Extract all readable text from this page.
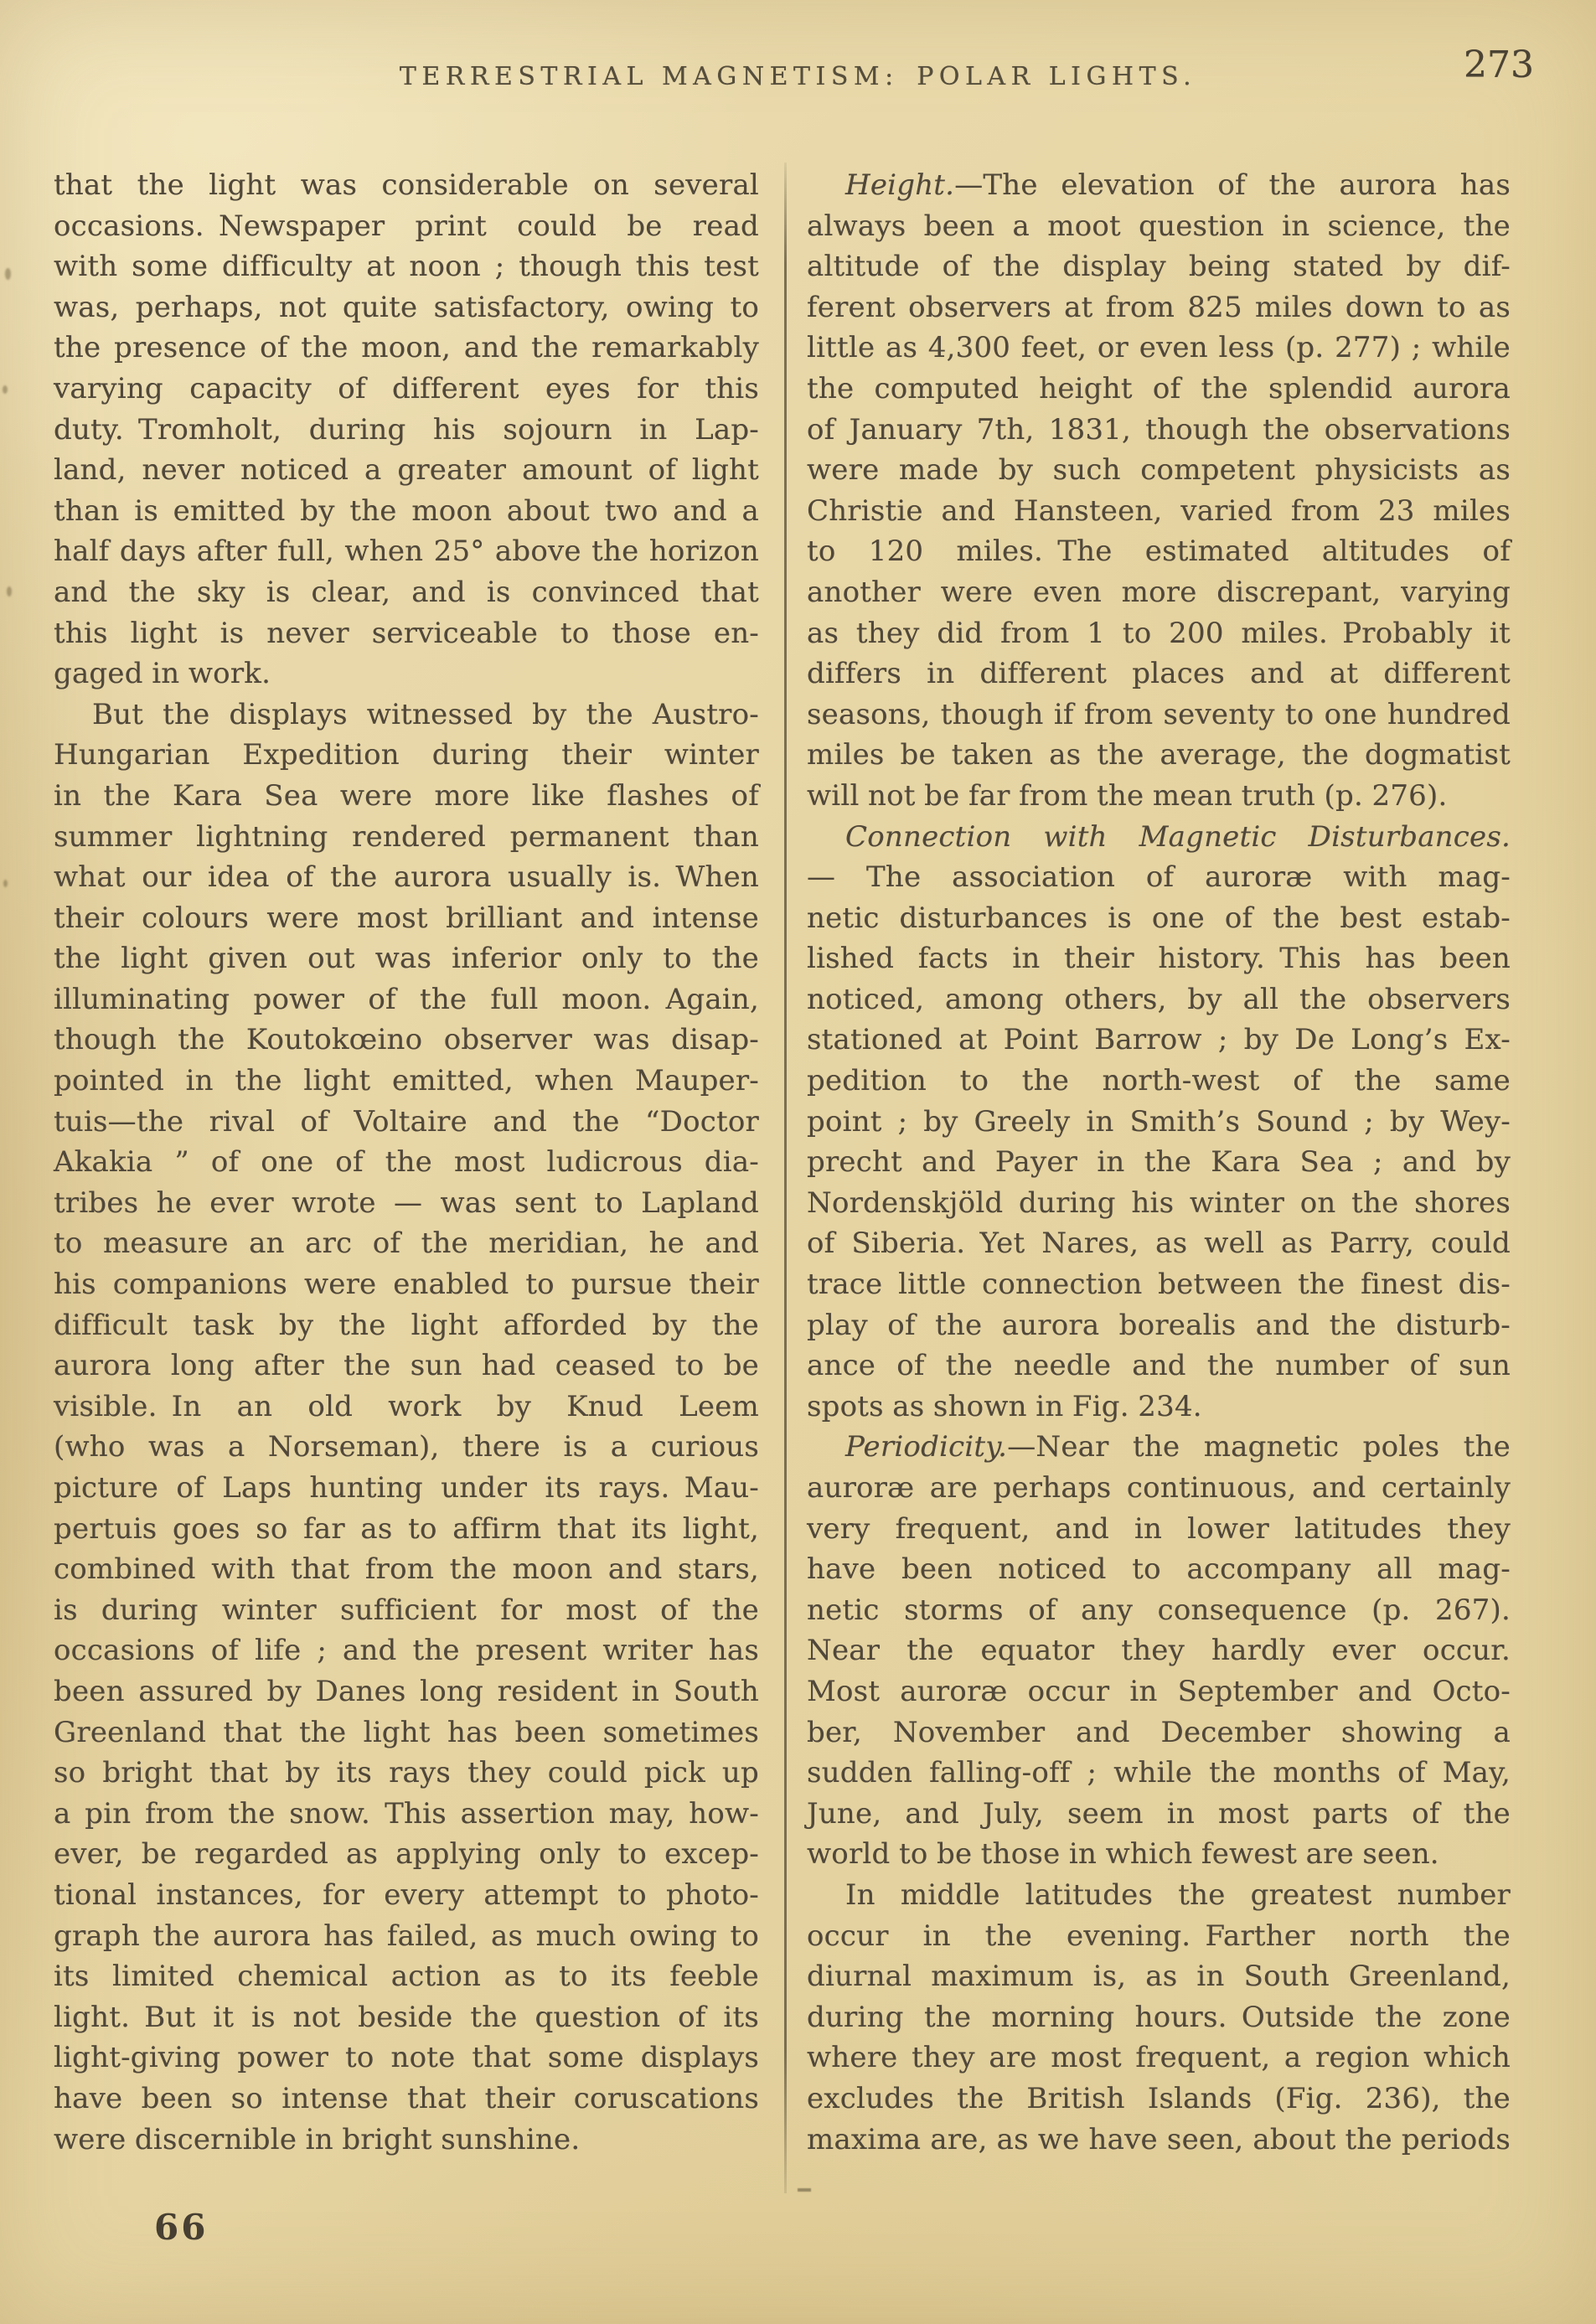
TERRESTRIAL MAGNETISM: POLAR LIGHTS.	273
that the light was considerable on several
occasions. Newspaper print could be read
with some difficulty at noon ; though this test
was, perhaps, not quite satisfactory, owing to
the presence of the moon, and the remarkably
varying capacity of different eyes for this
duty. Tromholt, during his sojourn in Lap-
land, never noticed a greater amount of light
than is emitted by the moon about two and a
half days after full, when 25° above the horizon
and the sky is clear, and is convinced that
this light is never serviceable to those en-
gaged in work.
But the displays witnessed by the Austro-
Hungarian Expedition during their winter
in the Kara Sea were more like flashes of
summer lightning rendered permanent than
what our idea of the aurora usually is. When
their colours were most brilliant and intense
the light given out was inferior only to the
illuminating power of the full moon. Again,
though the Koutokœino observer was disap-
pointed in the light emitted, when Mauper-
tuis—the rival of Voltaire and the “Doctor
Akakia ” of one of the most ludicrous dia-
tribes he ever wrote — was sent to Lapland
to measure an arc of the meridian, he and
his companions were enabled to pursue their
difficult task by the light afforded by the
aurora long after the sun had ceased to be
visible. In an old work by Knud Leem
(who was a Norseman), there is a curious
picture of Laps hunting under its rays. Mau-
pertuis goes so far as to affirm that its light,
combined with that from the moon and stars,
is during winter sufficient for most of the
occasions of life ; and the present writer has
been assured by Danes long resident in South
Greenland that the light has been sometimes
so bright that by its rays they could pick up
a pin from the snow. This assertion may, how-
ever, be regarded as applying only to excep-
tional instances, for every attempt to photo-
graph the aurora has failed, as much owing to
its limited chemical action as to its feeble
light. But it is not beside the question of its
light-giving power to note that some displays
have been so intense that their coruscations
were discernible in bright sunshine.
Height.—The elevation of the aurora has
always been a moot question in science, the
altitude of the display being stated by dif-
ferent observers at from 825 miles down to as
little as 4,300 feet, or even less (p. 277) ; while
the computed height of the splendid aurora
of January 7th, 1831, though the observations
were made by such competent physicists as
Christie and Hansteen, varied from 23 miles
to 120 miles. The estimated altitudes of
another were even more discrepant, varying
as they did from 1 to 200 miles. Probably it
differs in different places and at different
seasons, though if from seventy to one hundred
miles be taken as the average, the dogmatist
will not be far from the mean truth (p. 276).
Connection with Magnetic Disturbances.
— The association of auroræ with mag-
netic disturbances is one of the best estab-
lished facts in their history. This has been
noticed, among others, by all the observers
stationed at Point Barrow ; by De Long’s Ex-
pedition to the north-west of the same
point ; by Greely in Smith’s Sound ; by Wey-
precht and Payer in the Kara Sea ; and by
Nordenskjöld during his winter on the shores
of Siberia. Yet Nares, as well as Parry, could
trace little connection between the finest dis-
play of the aurora borealis and the disturb-
ance of the needle and the number of sun
spots as shown in Fig. 234.
Periodicity.—Near the magnetic poles the
auroræ are perhaps continuous, and certainly
very frequent, and in lower latitudes they
have been noticed to accompany all mag-
netic storms of any consequence (p. 267).
Near the equator they hardly ever occur.
Most auroræ occur in September and Octo-
ber, November and December showing a
sudden falling-off ; while the months of May,
June, and July, seem in most parts of the
world to be those in which fewest are seen.
In middle latitudes the greatest number
occur in the evening. Farther north the
diurnal maximum is, as in South Greenland,
during the morning hours. Outside the zone
where they are most frequent, a region which
excludes the British Islands (Fig. 236), the
maxima are, as we have seen, about the periods
66
